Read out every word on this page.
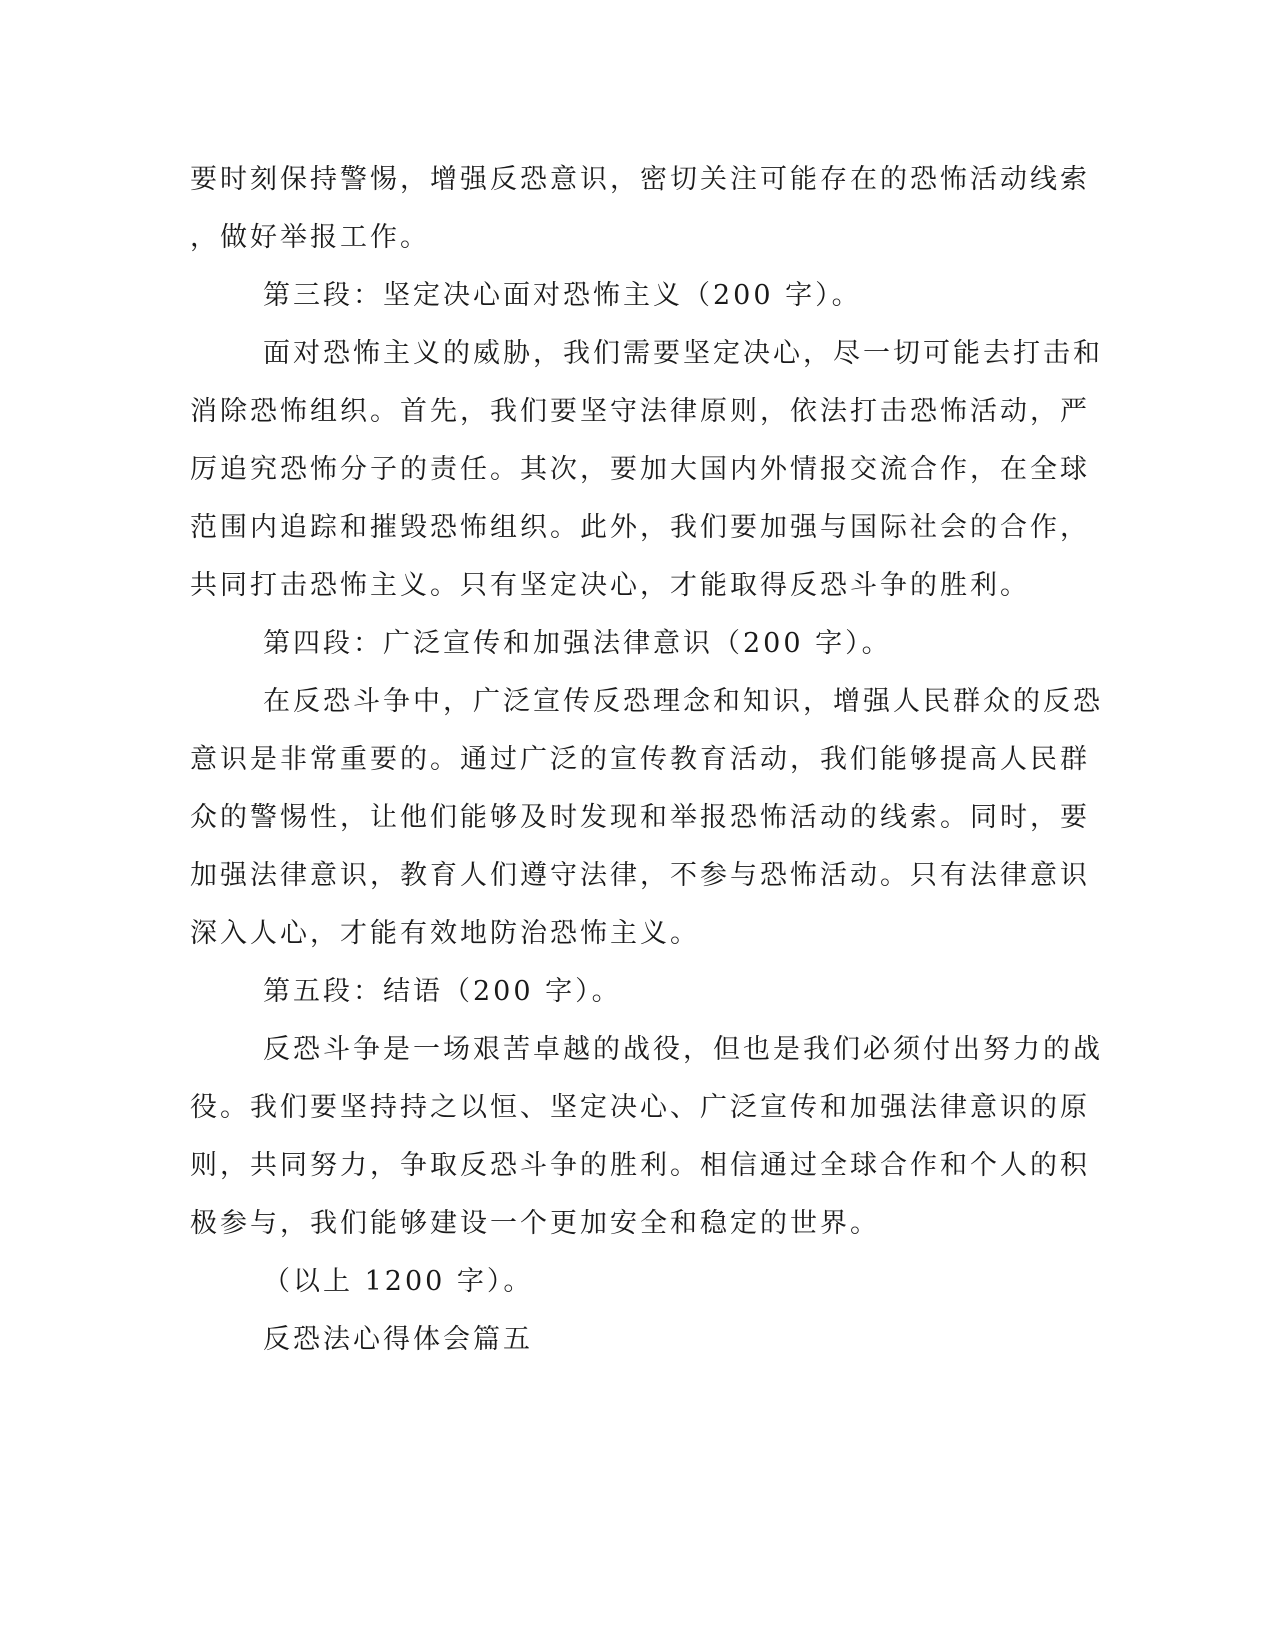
要时刻保持警惕，增强反恐意识，密切关注可能存在的恐怖活动线索
，做好举报工作。
第三段：坚定决心面对恐怖主义（200 字）。
面对恐怖主义的威胁，我们需要坚定决心，尽一切可能去打击和
消除恐怖组织。首先，我们要坚守法律原则，依法打击恐怖活动，严
厉追究恐怖分子的责任。其次，要加大国内外情报交流合作，在全球
范围内追踪和摧毁恐怖组织。此外，我们要加强与国际社会的合作，
共同打击恐怖主义。只有坚定决心，才能取得反恐斗争的胜利。
第四段：广泛宣传和加强法律意识（200 字）。
在反恐斗争中，广泛宣传反恐理念和知识，增强人民群众的反恐
意识是非常重要的。通过广泛的宣传教育活动，我们能够提高人民群
众的警惕性，让他们能够及时发现和举报恐怖活动的线索。同时，要
加强法律意识，教育人们遵守法律，不参与恐怖活动。只有法律意识
深入人心，才能有效地防治恐怖主义。
第五段：结语（200 字）。
反恐斗争是一场艰苦卓越的战役，但也是我们必须付出努力的战
役。我们要坚持持之以恒、坚定决心、广泛宣传和加强法律意识的原
则，共同努力，争取反恐斗争的胜利。相信通过全球合作和个人的积
极参与，我们能够建设一个更加安全和稳定的世界。
（以上 1200 字）。
反恐法心得体会篇五
